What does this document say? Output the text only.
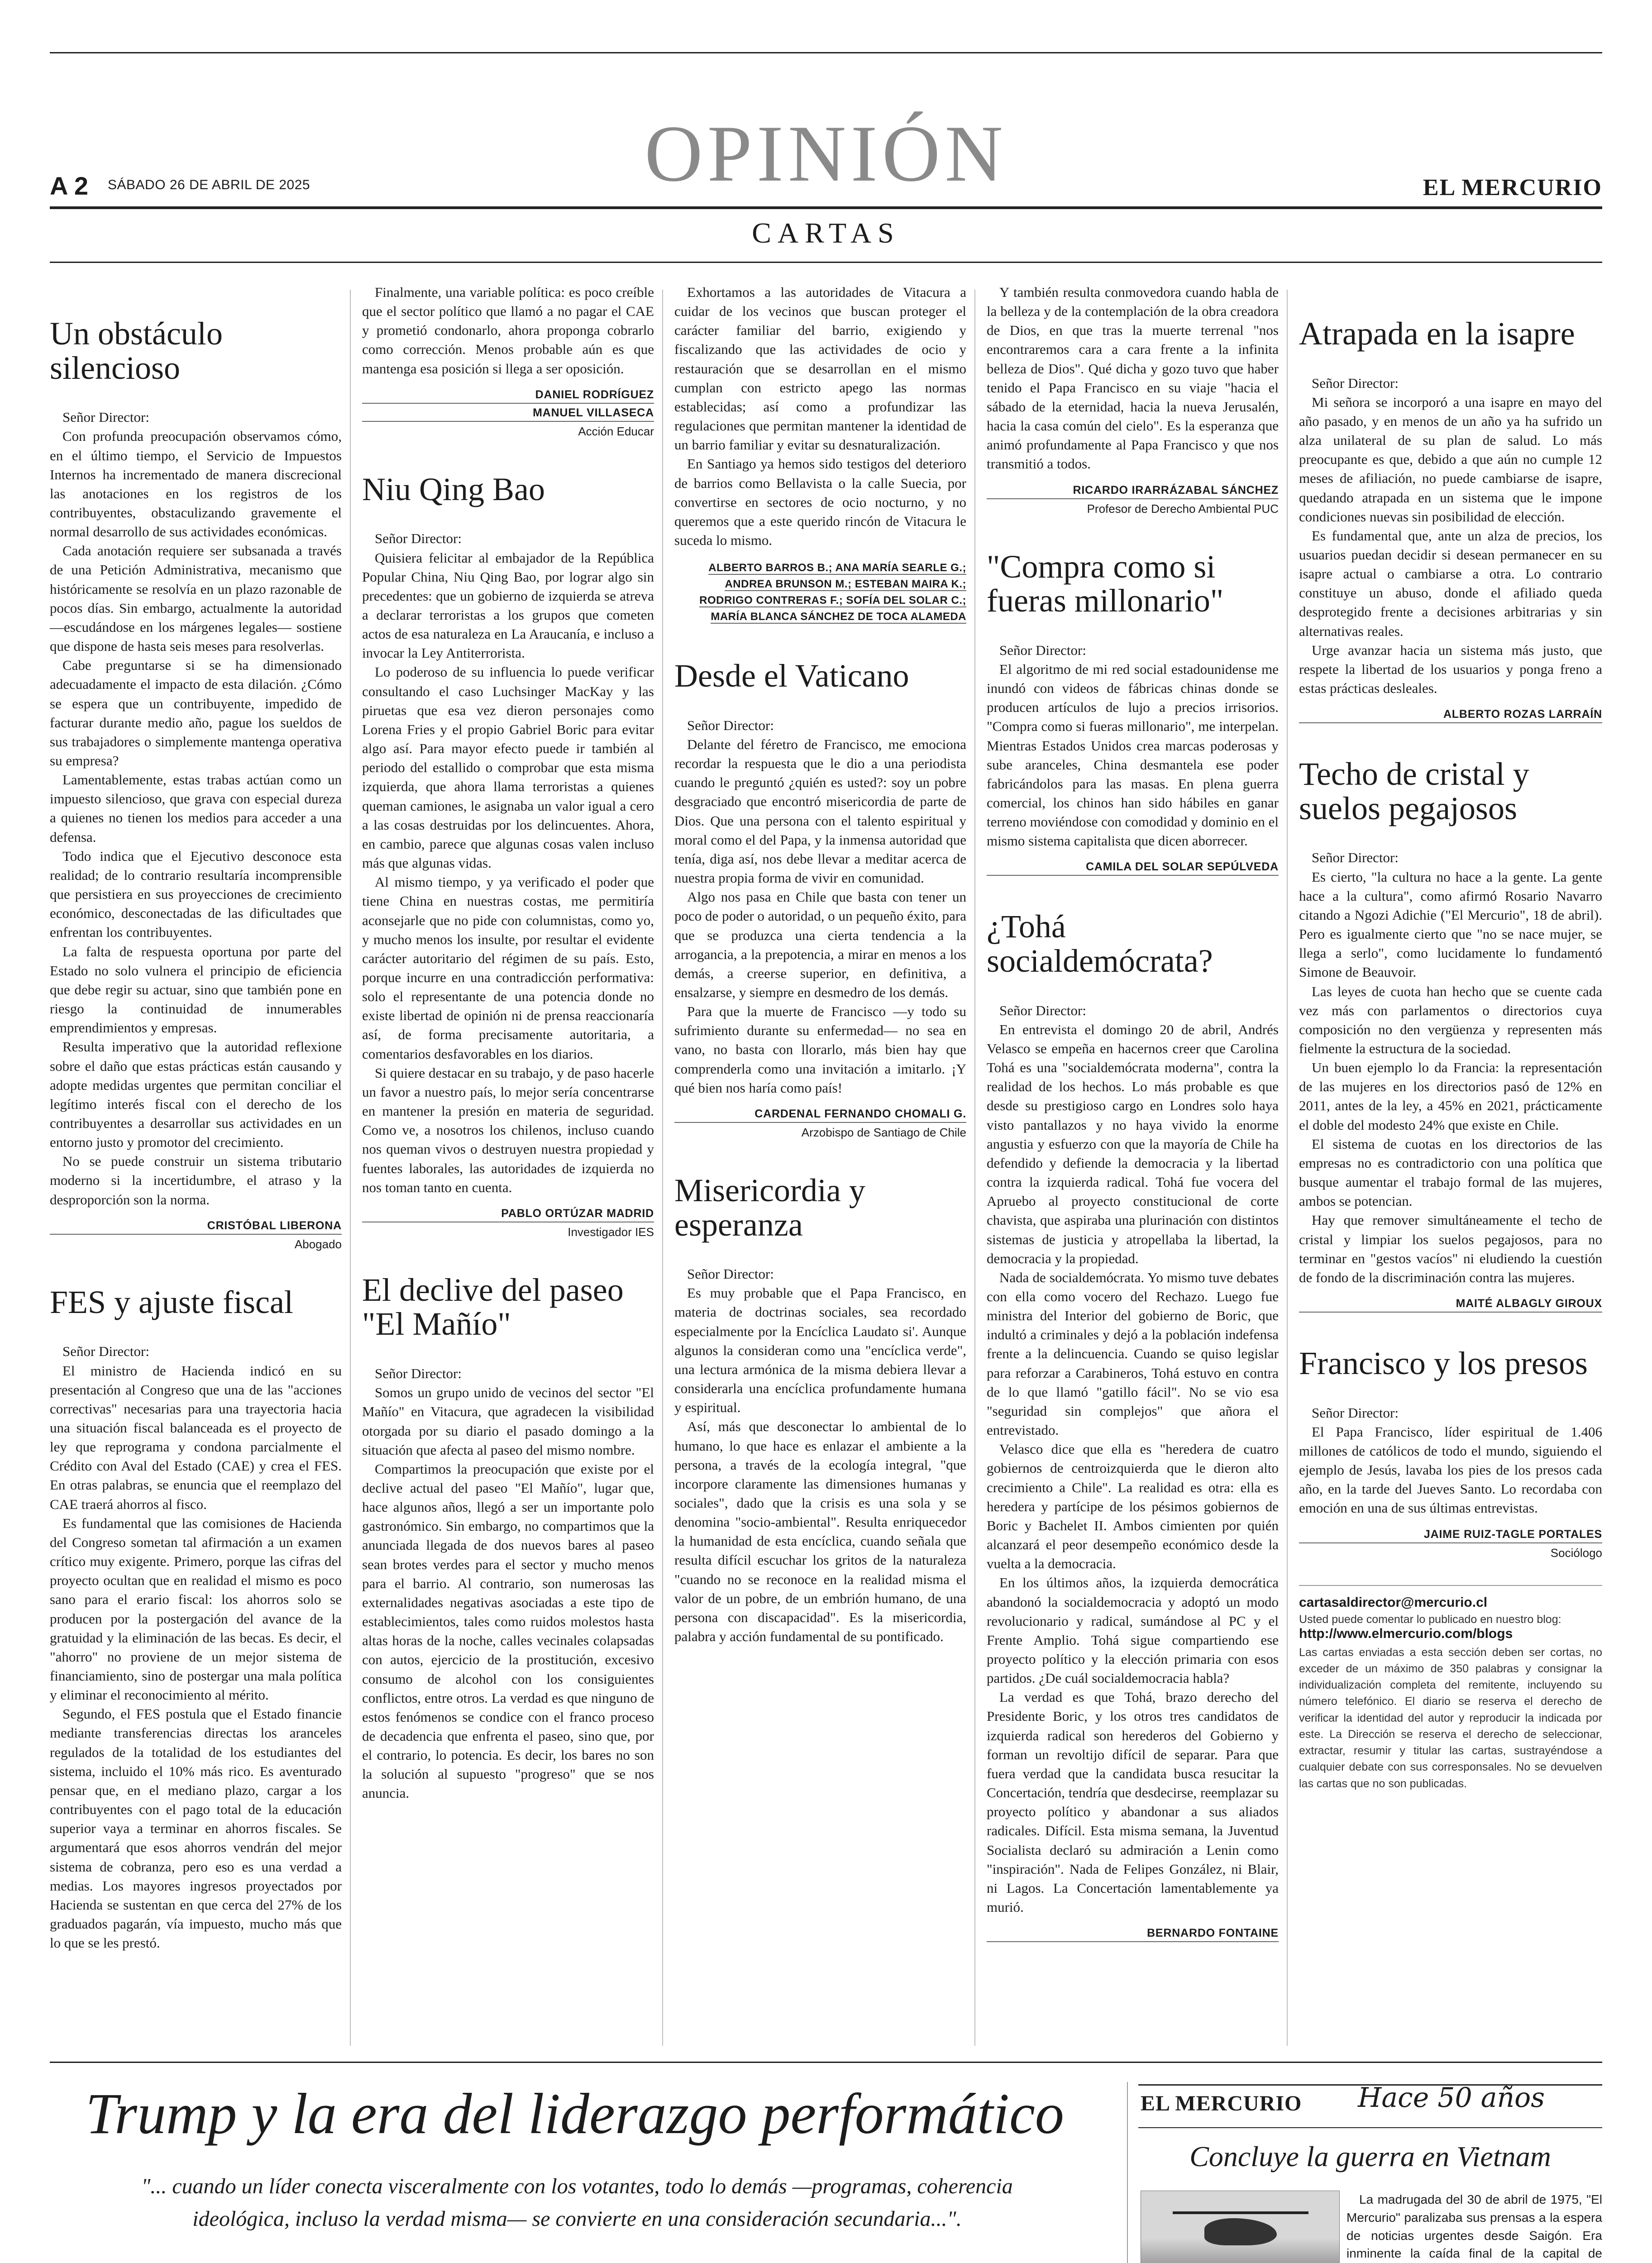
OPINIÓN
A 2 SÁBADO 26 DE ABRIL DE 2025	EL MERCURIO
CARTAS
Un obstáculo silencioso

Señor Director:

Con profunda preocupación observamos cómo, en el último tiempo, el Servicio de Impuestos Internos ha incrementado de manera discrecional las anotaciones en los registros de los contribuyentes, obstaculizando gravemente el normal desarrollo de sus actividades económicas.

Cada anotación requiere ser subsanada a través de una Petición Administrativa, mecanismo que históricamente se resolvía en un plazo razonable de pocos días. Sin embargo, actualmente la autoridad —escudándose en los márgenes legales— sostiene que dispone de hasta seis meses para resolverlas.

Cabe preguntarse si se ha dimensionado adecuadamente el impacto de esta dilación. ¿Cómo se espera que un contribuyente, impedido de facturar durante medio año, pague los sueldos de sus trabajadores o simplemente mantenga operativa su empresa?

Lamentablemente, estas trabas actúan como un impuesto silencioso, que grava con especial dureza a quienes no tienen los medios para acceder a una defensa.

Todo indica que el Ejecutivo desconoce esta realidad; de lo contrario resultaría incomprensible que persistiera en sus proyecciones de crecimiento económico, desconectadas de las dificultades que enfrentan los contribuyentes.

La falta de respuesta oportuna por parte del Estado no solo vulnera el principio de eficiencia que debe regir su actuar, sino que también pone en riesgo la continuidad de innumerables emprendimientos y empresas.

Resulta imperativo que la autoridad reflexione sobre el daño que estas prácticas están causando y adopte medidas urgentes que permitan conciliar el legítimo interés fiscal con el derecho de los contribuyentes a desarrollar sus actividades en un entorno justo y promotor del crecimiento.

No se puede construir un sistema tributario moderno si la incertidumbre, el atraso y la desproporción son la norma.

CRISTÓBAL LIBERONA
Abogado
FES y ajuste fiscal

Señor Director:

El ministro de Hacienda indicó en su presentación al Congreso que una de las "acciones correctivas" necesarias para una trayectoria hacia una situación fiscal balanceada es el proyecto de ley que reprograma y condona parcialmente el Crédito con Aval del Estado (CAE) y crea el FES. En otras palabras, se enuncia que el reemplazo del CAE traerá ahorros al fisco.

Es fundamental que las comisiones de Hacienda del Congreso sometan tal afirmación a un examen crítico muy exigente. Primero, porque las cifras del proyecto ocultan que en realidad el mismo es poco sano para el erario fiscal: los ahorros solo se producen por la postergación del avance de la gratuidad y la eliminación de las becas. Es decir, el "ahorro" no proviene de un mejor sistema de financiamiento, sino de postergar una mala política y eliminar el reconocimiento al mérito.

Segundo, el FES postula que el Estado financie mediante transferencias directas los aranceles regulados de la totalidad de los estudiantes del sistema, incluido el 10% más rico. Es aventurado pensar que, en el mediano plazo, cargar a los contribuyentes con el pago total de la educación superior vaya a terminar en ahorros fiscales. Se argumentará que esos ahorros vendrán del mejor sistema de cobranza, pero eso es una verdad a medias. Los mayores ingresos proyectados por Hacienda se sustentan en que cerca del 27% de los graduados pagarán, vía impuesto, mucho más que lo que se les prestó.

Finalmente, una variable política: es poco creíble que el sector político que llamó a no pagar el CAE y prometió condonarlo, ahora proponga cobrarlo como corrección. Menos probable aún es que mantenga esa posición si llega a ser oposición.

DANIEL RODRÍGUEZ
MANUEL VILLASECA
Acción Educar
Niu Qing Bao

Señor Director:

Quisiera felicitar al embajador de la República Popular China, Niu Qing Bao, por lograr algo sin precedentes: que un gobierno de izquierda se atreva a declarar terroristas a los grupos que cometen actos de esa naturaleza en La Araucanía, e incluso a invocar la Ley Antiterrorista.

Lo poderoso de su influencia lo puede verificar consultando el caso Luchsinger MacKay y las piruetas que esa vez dieron personajes como Lorena Fries y el propio Gabriel Boric para evitar algo así. Para mayor efecto puede ir también al periodo del estallido o comprobar que esta misma izquierda, que ahora llama terroristas a quienes queman camiones, le asignaba un valor igual a cero a las cosas destruidas por los delincuentes. Ahora, en cambio, parece que algunas cosas valen incluso más que algunas vidas.

Al mismo tiempo, y ya verificado el poder que tiene China en nuestras costas, me permitiría aconsejarle que no pide con columnistas, como yo, y mucho menos los insulte, por resultar el evidente carácter autoritario del régimen de su país. Esto, porque incurre en una contradicción performativa: solo el representante de una potencia donde no existe libertad de opinión ni de prensa reaccionaría así, de forma precisamente autoritaria, a comentarios desfavorables en los diarios.

Si quiere destacar en su trabajo, y de paso hacerle un favor a nuestro país, lo mejor sería concentrarse en mantener la presión en materia de seguridad. Como ve, a nosotros los chilenos, incluso cuando nos queman vivos o destruyen nuestra propiedad y fuentes laborales, las autoridades de izquierda no nos toman tanto en cuenta.

PABLO ORTÚZAR MADRID
Investigador IES
El declive del paseo "El Mañío"

Señor Director:

Somos un grupo unido de vecinos del sector "El Mañío" en Vitacura, que agradecen la visibilidad otorgada por su diario el pasado domingo a la situación que afecta al paseo del mismo nombre.

Compartimos la preocupación que existe por el declive actual del paseo "El Mañío", lugar que, hace algunos años, llegó a ser un importante polo gastronómico. Sin embargo, no compartimos que la anunciada llegada de dos nuevos bares al paseo sean brotes verdes para el sector y mucho menos para el barrio. Al contrario, son numerosas las externalidades negativas asociadas a este tipo de establecimientos, tales como ruidos molestos hasta altas horas de la noche, calles vecinales colapsadas con autos, ejercicio de la prostitución, excesivo consumo de alcohol con los consiguientes conflictos, entre otros. La verdad es que ninguno de estos fenómenos se condice con el franco proceso de decadencia que enfrenta el paseo, sino que, por el contrario, lo potencia. Es decir, los bares no son la solución al supuesto "progreso" que se nos anuncia.

Exhortamos a las autoridades de Vitacura a cuidar de los vecinos que buscan proteger el carácter familiar del barrio, exigiendo y fiscalizando que las actividades de ocio y restauración que se desarrollan en el mismo cumplan con estricto apego las normas establecidas; así como a profundizar las regulaciones que permitan mantener la identidad de un barrio familiar y evitar su desnaturalización.

En Santiago ya hemos sido testigos del deterioro de barrios como Bellavista o la calle Suecia, por convertirse en sectores de ocio nocturno, y no queremos que a este querido rincón de Vitacura le suceda lo mismo.

ALBERTO BARROS B.; ANA MARÍA SEARLE G.;
ANDREA BRUNSON M.; ESTEBAN MAIRA K.;
RODRIGO CONTRERAS F.; SOFÍA DEL SOLAR C.;
MARÍA BLANCA SÁNCHEZ DE TOCA ALAMEDA
Desde el Vaticano

Señor Director:

Delante del féretro de Francisco, me emociona recordar la respuesta que le dio a una periodista cuando le preguntó ¿quién es usted?: soy un pobre desgraciado que encontró misericordia de parte de Dios. Que una persona con el talento espiritual y moral como el del Papa, y la inmensa autoridad que tenía, diga así, nos debe llevar a meditar acerca de nuestra propia forma de vivir en comunidad.

Algo nos pasa en Chile que basta con tener un poco de poder o autoridad, o un pequeño éxito, para que se produzca una cierta tendencia a la arrogancia, a la prepotencia, a mirar en menos a los demás, a creerse superior, en definitiva, a ensalzarse, y siempre en desmedro de los demás.

Para que la muerte de Francisco —y todo su sufrimiento durante su enfermedad— no sea en vano, no basta con llorarlo, más bien hay que comprenderla como una invitación a imitarlo. ¡Y qué bien nos haría como país!

CARDENAL FERNANDO CHOMALI G.
Arzobispo de Santiago de Chile
Misericordia y esperanza

Señor Director:

Es muy probable que el Papa Francisco, en materia de doctrinas sociales, sea recordado especialmente por la Encíclica Laudato si'. Aunque algunos la consideran como una "encíclica verde", una lectura armónica de la misma debiera llevar a considerarla una encíclica profundamente humana y espiritual.

Así, más que desconectar lo ambiental de lo humano, lo que hace es enlazar el ambiente a la persona, a través de la ecología integral, "que incorpore claramente las dimensiones humanas y sociales", dado que la crisis es una sola y se denomina "socio-ambiental". Resulta enriquecedor la humanidad de esta encíclica, cuando señala que resulta difícil escuchar los gritos de la naturaleza "cuando no se reconoce en la realidad misma el valor de un pobre, de un embrión humano, de una persona con discapacidad". Es la misericordia, palabra y acción fundamental de su pontificado.

Y también resulta conmovedora cuando habla de la belleza y de la contemplación de la obra creadora de Dios, en que tras la muerte terrenal "nos encontraremos cara a cara frente a la infinita belleza de Dios". Qué dicha y gozo tuvo que haber tenido el Papa Francisco en su viaje "hacia el sábado de la eternidad, hacia la nueva Jerusalén, hacia la casa común del cielo". Es la esperanza que animó profundamente al Papa Francisco y que nos transmitió a todos.

RICARDO IRARRÁZABAL SÁNCHEZ
Profesor de Derecho Ambiental PUC
"Compra como si fueras millonario"

Señor Director:

El algoritmo de mi red social estadounidense me inundó con videos de fábricas chinas donde se producen artículos de lujo a precios irrisorios. "Compra como si fueras millonario", me interpelan. Mientras Estados Unidos crea marcas poderosas y sube aranceles, China desmantela ese poder fabricándolos para las masas. En plena guerra comercial, los chinos han sido hábiles en ganar terreno moviéndose con comodidad y dominio en el mismo sistema capitalista que dicen aborrecer.

CAMILA DEL SOLAR SEPÚLVEDA
¿Tohá socialdemócrata?

Señor Director:

En entrevista el domingo 20 de abril, Andrés Velasco se empeña en hacernos creer que Carolina Tohá es una "socialdemócrata moderna", contra la realidad de los hechos. Lo más probable es que desde su prestigioso cargo en Londres solo haya visto pantallazos y no haya vivido la enorme angustia y esfuerzo con que la mayoría de Chile ha defendido y defiende la democracia y la libertad contra la izquierda radical. Tohá fue vocera del Apruebo al proyecto constitucional de corte chavista, que aspiraba una plurinación con distintos sistemas de justicia y atropellaba la libertad, la democracia y la propiedad.

Nada de socialdemócrata. Yo mismo tuve debates con ella como vocero del Rechazo. Luego fue ministra del Interior del gobierno de Boric, que indultó a criminales y dejó a la población indefensa frente a la delincuencia. Cuando se quiso legislar para reforzar a Carabineros, Tohá estuvo en contra de lo que llamó "gatillo fácil". No se vio esa "seguridad sin complejos" que añora el entrevistado.

Velasco dice que ella es "heredera de cuatro gobiernos de centroizquierda que le dieron alto crecimiento a Chile". La realidad es otra: ella es heredera y partícipe de los pésimos gobiernos de Boric y Bachelet II. Ambos cimienten por quién alcanzará el peor desempeño económico desde la vuelta a la democracia.

En los últimos años, la izquierda democrática abandonó la socialdemocracia y adoptó un modo revolucionario y radical, sumándose al PC y el Frente Amplio. Tohá sigue compartiendo ese proyecto político y la elección primaria con esos partidos. ¿De cuál socialdemocracia habla?

La verdad es que Tohá, brazo derecho del Presidente Boric, y los otros tres candidatos de izquierda radical son herederos del Gobierno y forman un revoltijo difícil de separar. Para que fuera verdad que la candidata busca resucitar la Concertación, tendría que desdecirse, reemplazar su proyecto político y abandonar a sus aliados radicales. Difícil. Esta misma semana, la Juventud Socialista declaró su admiración a Lenin como "inspiración". Nada de Felipes González, ni Blair, ni Lagos. La Concertación lamentablemente ya murió.

BERNARDO FONTAINE
Atrapada en la isapre

Señor Director:

Mi señora se incorporó a una isapre en mayo del año pasado, y en menos de un año ya ha sufrido un alza unilateral de su plan de salud. Lo más preocupante es que, debido a que aún no cumple 12 meses de afiliación, no puede cambiarse de isapre, quedando atrapada en un sistema que le impone condiciones nuevas sin posibilidad de elección.

Es fundamental que, ante un alza de precios, los usuarios puedan decidir si desean permanecer en su isapre actual o cambiarse a otra. Lo contrario constituye un abuso, donde el afiliado queda desprotegido frente a decisiones arbitrarias y sin alternativas reales.

Urge avanzar hacia un sistema más justo, que respete la libertad de los usuarios y ponga freno a estas prácticas desleales.

ALBERTO ROZAS LARRAÍN
Techo de cristal y suelos pegajosos

Señor Director:

Es cierto, "la cultura no hace a la gente. La gente hace a la cultura", como afirmó Rosario Navarro citando a Ngozi Adichie ("El Mercurio", 18 de abril). Pero es igualmente cierto que "no se nace mujer, se llega a serlo", como lucidamente lo fundamentó Simone de Beauvoir.

Las leyes de cuota han hecho que se cuente cada vez más con parlamentos o directorios cuya composición no den vergüenza y representen más fielmente la estructura de la sociedad.

Un buen ejemplo lo da Francia: la representación de las mujeres en los directorios pasó de 12% en 2011, antes de la ley, a 45% en 2021, prácticamente el doble del modesto 24% que existe en Chile.

El sistema de cuotas en los directorios de las empresas no es contradictorio con una política que busque aumentar el trabajo formal de las mujeres, ambos se potencian.

Hay que remover simultáneamente el techo de cristal y limpiar los suelos pegajosos, para no terminar en "gestos vacíos" ni eludiendo la cuestión de fondo de la discriminación contra las mujeres.

MAITÉ ALBAGLY GIROUX
Francisco y los presos

Señor Director:

El Papa Francisco, líder espiritual de 1.406 millones de católicos de todo el mundo, siguiendo el ejemplo de Jesús, lavaba los pies de los presos cada año, en la tarde del Jueves Santo. Lo recordaba con emoción en una de sus últimas entrevistas.

JAIME RUIZ-TAGLE PORTALES
Sociólogo
cartasaldirector@mercurio.cl
Usted puede comentar lo publicado en nuestro blog:
http://www.elmercurio.com/blogs
Las cartas enviadas a esta sección deben ser cortas, no exceder de un máximo de 350 palabras y consignar la individualización completa del remitente, incluyendo su número telefónico. El diario se reserva el derecho de verificar la identidad del autor y reproducir la indicada por este. La Dirección se reserva el derecho de seleccionar, extractar, resumir y titular las cartas, sustrayéndose a cualquier debate con sus corresponsales. No se devuelven las cartas que no son publicadas.
Trump y la era del liderazgo performático
"... cuando un líder conecta visceralmente con los votantes, todo lo demás —programas, coherencia ideológica, incluso la verdad misma— se convierte en una consideración secundaria...".

EL MERCURIO Hace 50 años
Concluye la guerra en Vietnam

La madrugada del 30 de abril de 1975, "El Mercurio" paralizaba sus prensas a la espera de noticias urgentes desde Saigón. Era inminente la caída final de la capital de
